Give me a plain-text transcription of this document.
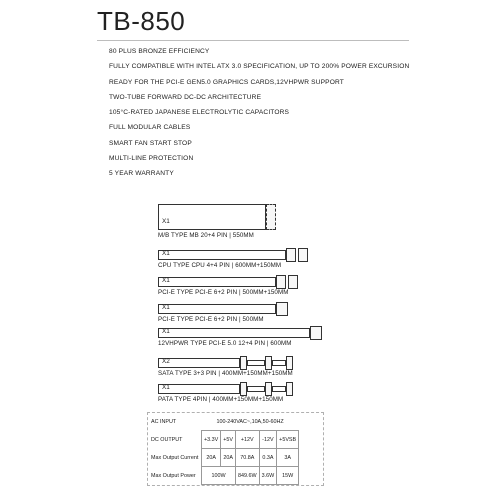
TB-850
80 PLUS BRONZE EFFICIENCY
FULLY COMPATIBLE WITH INTEL ATX 3.0 SPECIFICATION, UP TO 200% POWER EXCURSION
READY FOR THE PCI-E GEN5.0 GRAPHICS CARDS,12VHPWR SUPPORT
TWO-TUBE FORWARD DC-DC ARCHITECTURE
105°C-RATED JAPANESE ELECTROLYTIC CAPACITORS
FULL MODULAR CABLES
SMART FAN START STOP
MULTI-LINE PROTECTION
5 YEAR WARRANTY
X1
M/B TYPE MB 20+4 PIN | 550MM
X1
CPU TYPE CPU 4+4 PIN | 600MM+150MM
X1
PCI-E TYPE PCI-E 6+2 PIN | 500MM+150MM
X1
PCI-E TYPE PCI-E 6+2 PIN | 500MM
X1
12VHPWR TYPE PCI-E 5.0 12+4 PIN | 600MM
X2
SATA TYPE 3+3 PIN | 400MM+150MM+150MM
X1
PATA TYPE 4PIN | 400MM+150MM+150MM
AC INPUT	100-240VAC~,10A,50-60HZ				
DC OUTPUT	+3.3V	+5V	+12V	-12V	+5VSB
Max Output Current	20A	20A	70.8A	0.3A	3A
Max Output Power	100W		849.6W	3.6W	15W
